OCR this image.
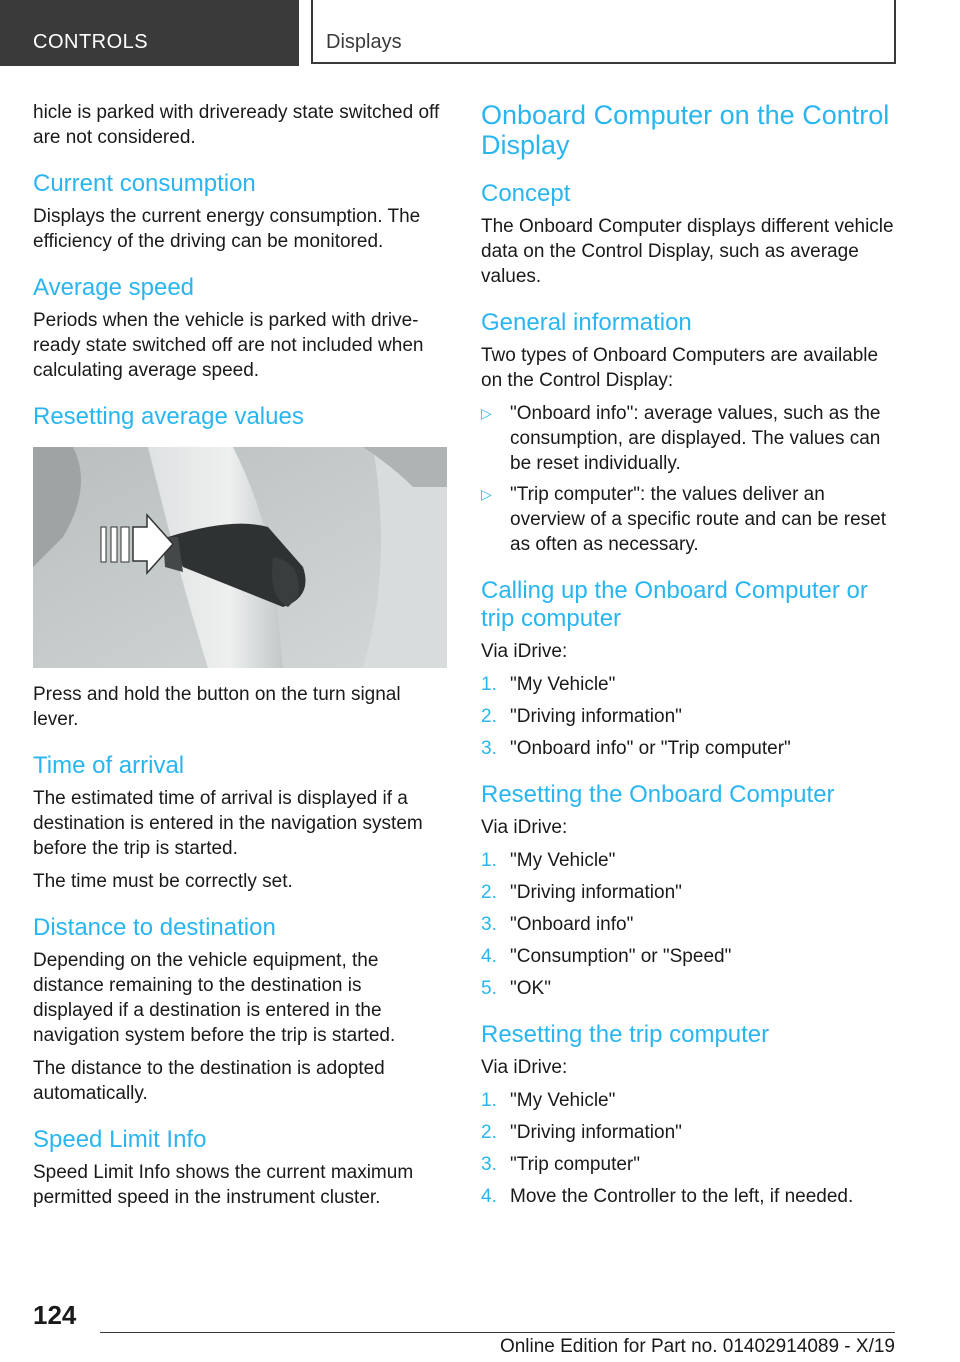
CONTROLS	Displays

hicle is parked with driveready state switched off are not considered.

Current consumption

Displays the current energy consumption. The efficiency of the driving can be monitored.

Average speed

Periods when the vehicle is parked with drive-ready state switched off are not included when calculating average speed.

Resetting average values

Press and hold the button on the turn signal lever.

Time of arrival

The estimated time of arrival is displayed if a destination is entered in the navigation system before the trip is started.

The time must be correctly set.

Distance to destination

Depending on the vehicle equipment, the distance remaining to the destination is displayed if a destination is entered in the navigation system before the trip is started.

The distance to the destination is adopted automatically.

Speed Limit Info

Speed Limit Info shows the current maximum permitted speed in the instrument cluster.

Onboard Computer on the Control Display
Concept

The Onboard Computer displays different vehicle data on the Control Display, such as average values.

General information

Two types of Onboard Computers are available on the Control Display:

▷ "Onboard info": average values, such as the consumption, are displayed. The values can be reset individually.
▷ "Trip computer": the values deliver an overview of a specific route and can be reset as often as necessary.
Calling up the Onboard Computer or trip computer

Via iDrive:

1. "My Vehicle"
2. "Driving information"
3. "Onboard info" or "Trip computer"
Resetting the Onboard Computer

Via iDrive:

1. "My Vehicle"
2. "Driving information"
3. "Onboard info"
4. "Consumption" or "Speed"
5. "OK"
Resetting the trip computer

Via iDrive:

1. "My Vehicle"
2. "Driving information"
3. "Trip computer"
4. Move the Controller to the left, if needed.
124
Online Edition for Part no. 01402914089 - X/19
